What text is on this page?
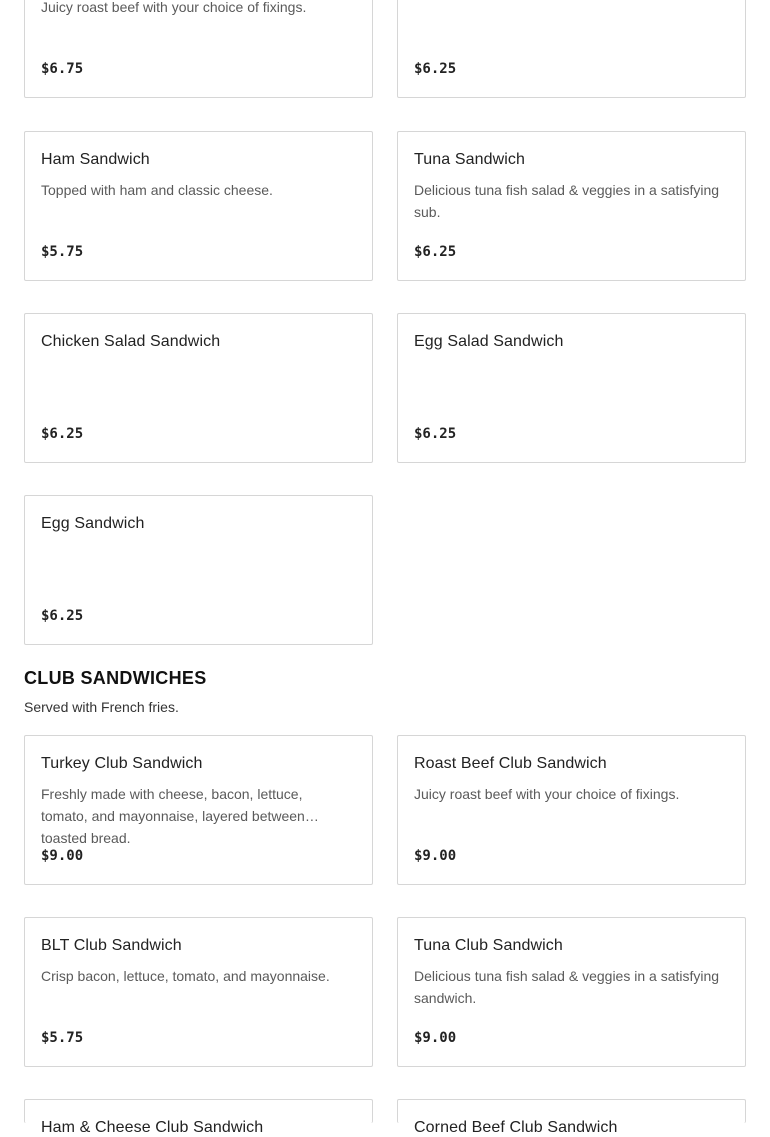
Juicy roast beef with your choice of fixings.
$6.75	$6.25
Ham Sandwich
Topped with ham and classic cheese.
$5.75
Tuna Sandwich
Delicious tuna fish salad & veggies in a satisfying sub.
$6.25
Chicken Salad Sandwich
$6.25
Egg Salad Sandwich
$6.25
Egg Sandwich
$6.25
CLUB SANDWICHES
Served with French fries.
Turkey Club Sandwich
Freshly made with cheese, bacon, lettuce, tomato, and mayonnaise, layered between toasted bread.
$9.00
Roast Beef Club Sandwich
Juicy roast beef with your choice of fixings.
$9.00
BLT Club Sandwich
Crisp bacon, lettuce, tomato, and mayonnaise.
$5.75
Tuna Club Sandwich
Delicious tuna fish salad & veggies in a satisfying sandwich.
$9.00
Ham & Cheese Club Sandwich	Corned Beef Club Sandwich
